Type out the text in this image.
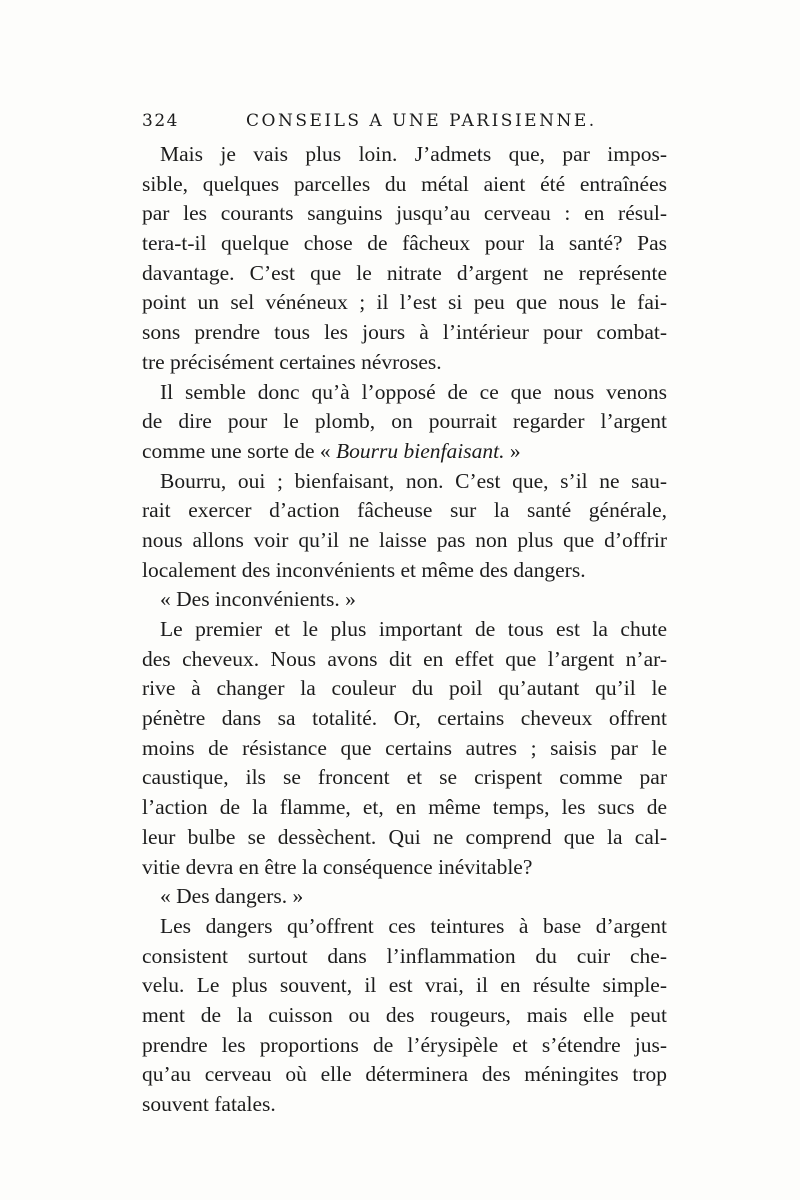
324	CONSEILS A UNE PARISIENNE.
Mais je vais plus loin. J’admets que, par impos-
sible, quelques parcelles du métal aient été entraînées
par les courants sanguins jusqu’au cerveau : en résul-
tera-t-il quelque chose de fâcheux pour la santé? Pas
davantage. C’est que le nitrate d’argent ne représente
point un sel vénéneux ; il l’est si peu que nous le fai-
sons prendre tous les jours à l’intérieur pour combat-
tre précisément certaines névroses.
Il semble donc qu’à l’opposé de ce que nous venons
de dire pour le plomb, on pourrait regarder l’argent
comme une sorte de « Bourru bienfaisant. »
Bourru, oui ; bienfaisant, non. C’est que, s’il ne sau-
rait exercer d’action fâcheuse sur la santé générale,
nous allons voir qu’il ne laisse pas non plus que d’offrir
localement des inconvénients et même des dangers.
« Des inconvénients. »
Le premier et le plus important de tous est la chute
des cheveux. Nous avons dit en effet que l’argent n’ar-
rive à changer la couleur du poil qu’autant qu’il le
pénètre dans sa totalité. Or, certains cheveux offrent
moins de résistance que certains autres ; saisis par le
caustique, ils se froncent et se crispent comme par
l’action de la flamme, et, en même temps, les sucs de
leur bulbe se dessèchent. Qui ne comprend que la cal-
vitie devra en être la conséquence inévitable?
« Des dangers. »
Les dangers qu’offrent ces teintures à base d’argent
consistent surtout dans l’inflammation du cuir che-
velu. Le plus souvent, il est vrai, il en résulte simple-
ment de la cuisson ou des rougeurs, mais elle peut
prendre les proportions de l’érysipèle et s’étendre jus-
qu’au cerveau où elle déterminera des méningites trop
souvent fatales.
